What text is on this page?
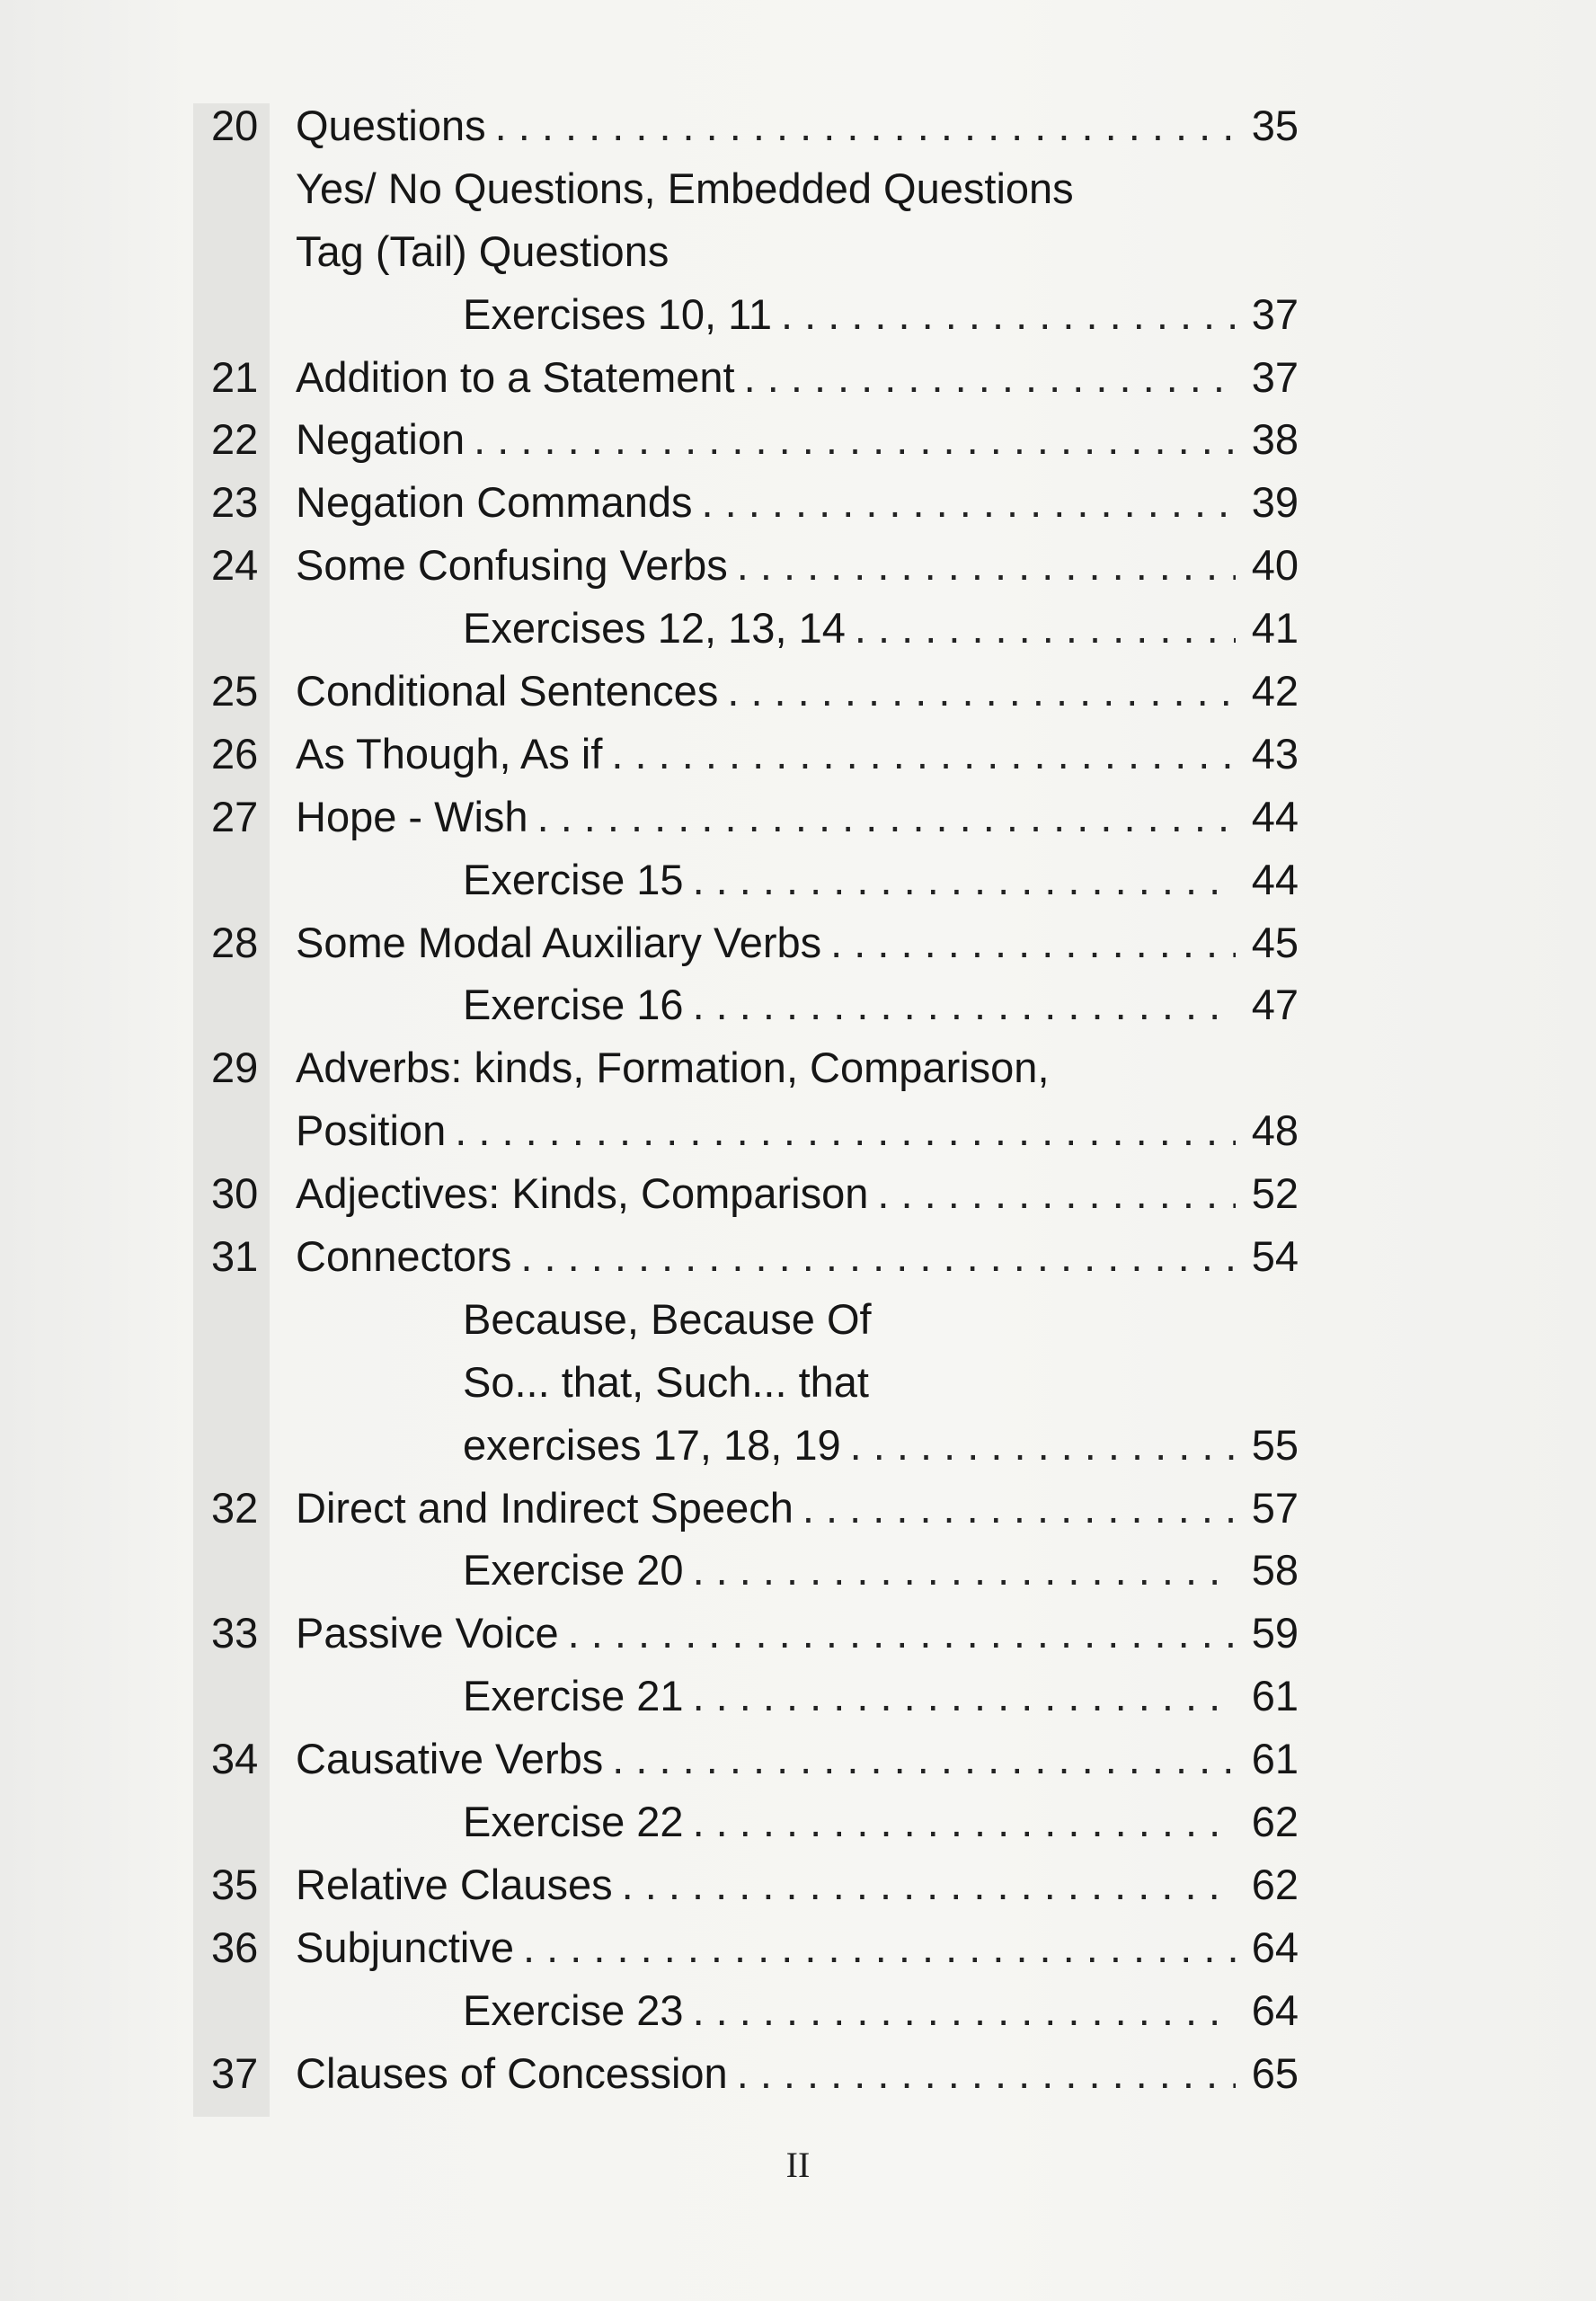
20 Questions . . .	35
Yes/ No Questions, Embedded Questions
Tag (Tail) Questions
Exercises 10, 11 . . .	37
21 Addition to a Statement . . .	37
22 Negation . . .	38
23 Negation Commands . . .	39
24 Some Confusing Verbs . . .	40
Exercises 12, 13, 14 . . .	41
25 Conditional Sentences . . .	42
26 As Though, As if . . .	43
27 Hope - Wish . . .	44
Exercise 15 . . .	44
28 Some Modal Auxiliary Verbs . . .	45
Exercise 16 . . .	47
29 Adverbs: kinds, Formation, Comparison,
Position . . .	48
30 Adjectives: Kinds, Comparison . . .	52
31 Connectors . . .	54
Because, Because Of
So... that, Such... that
exercises 17, 18, 19 . . .	55
32 Direct and Indirect Speech . . .	57
Exercise 20 . . .	58
33 Passive Voice . . .	59
Exercise 21 . . .	61
34 Causative Verbs . . .	61
Exercise 22 . . .	62
35 Relative Clauses . . .	62
36 Subjunctive . . .	64
Exercise 23 . . .	64
37 Clauses of Concession . . .	65
II
